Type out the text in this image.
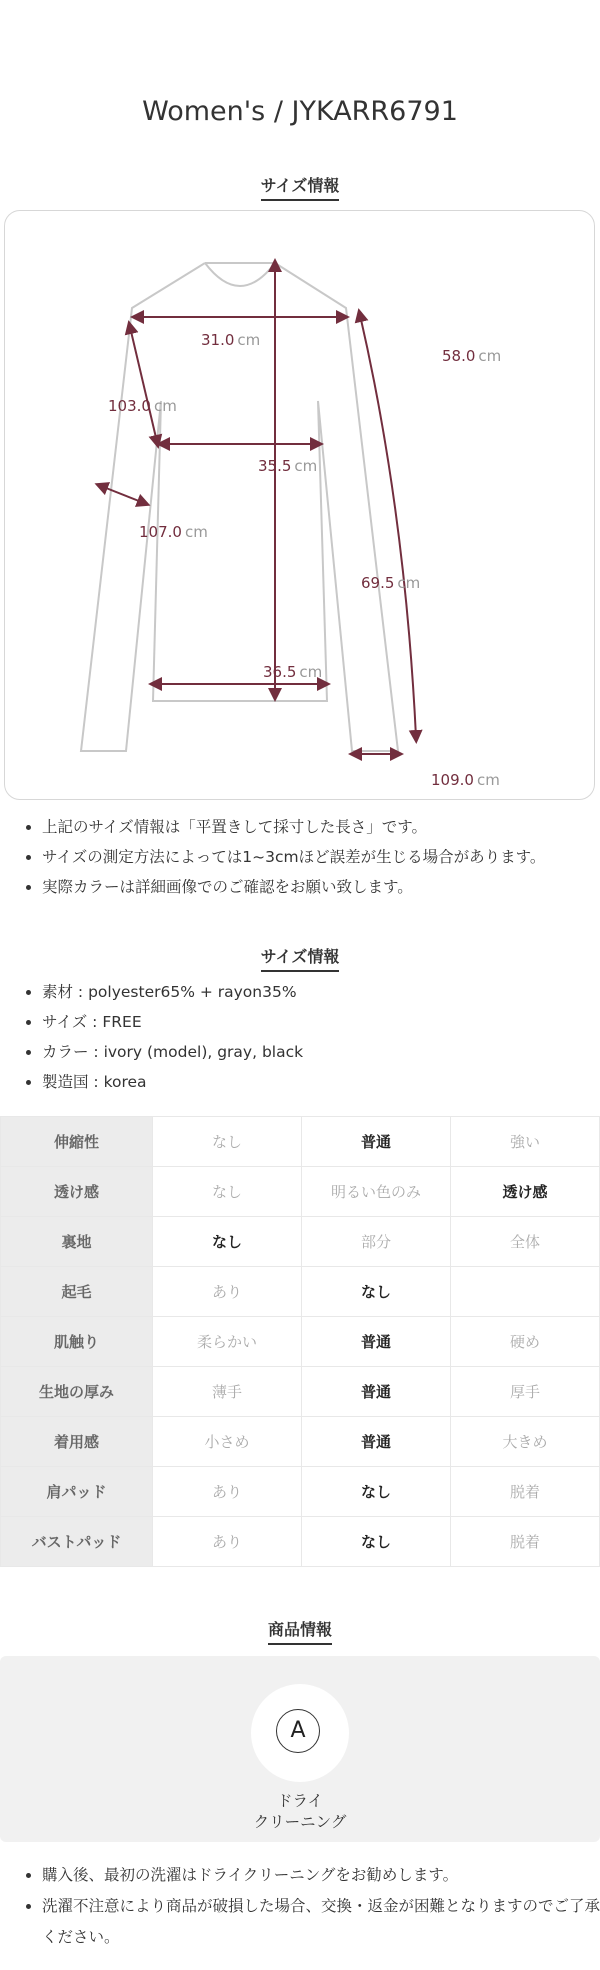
Women's / JYKARR6791
サイズ情報
31.0 cm
58.0 cm
103.0 cm
35.5 cm
107.0 cm
69.5 cm
36.5 cm
109.0 cm
• 上記のサイズ情報は「平置きして採寸した長さ」です。
• サイズの測定方法によっては1~3cmほど誤差が生じる場合があります。
• 実際カラーは詳細画像でのご確認をお願い致します。
サイズ情報
• 素材 : polyester65% + rayon35%
• サイズ : FREE
• カラー : ivory (model), gray, black
• 製造国 : korea
伸縮性	なし	普通	強い
透け感	なし	明るい色のみ	透け感
裏地	なし	部分	全体
起毛	あり	なし	
肌触り	柔らかい	普通	硬め
生地の厚み	薄手	普通	厚手
着用感	小さめ	普通	大きめ
肩パッド	あり	なし	脱着
バストパッド	あり	なし	脱着
商品情報
A
ドライ
クリーニング
• 購入後、最初の洗濯はドライクリーニングをお勧めします。
• 洗濯不注意により商品が破損した場合、交換・返金が困難となりますのでご了承ください。
